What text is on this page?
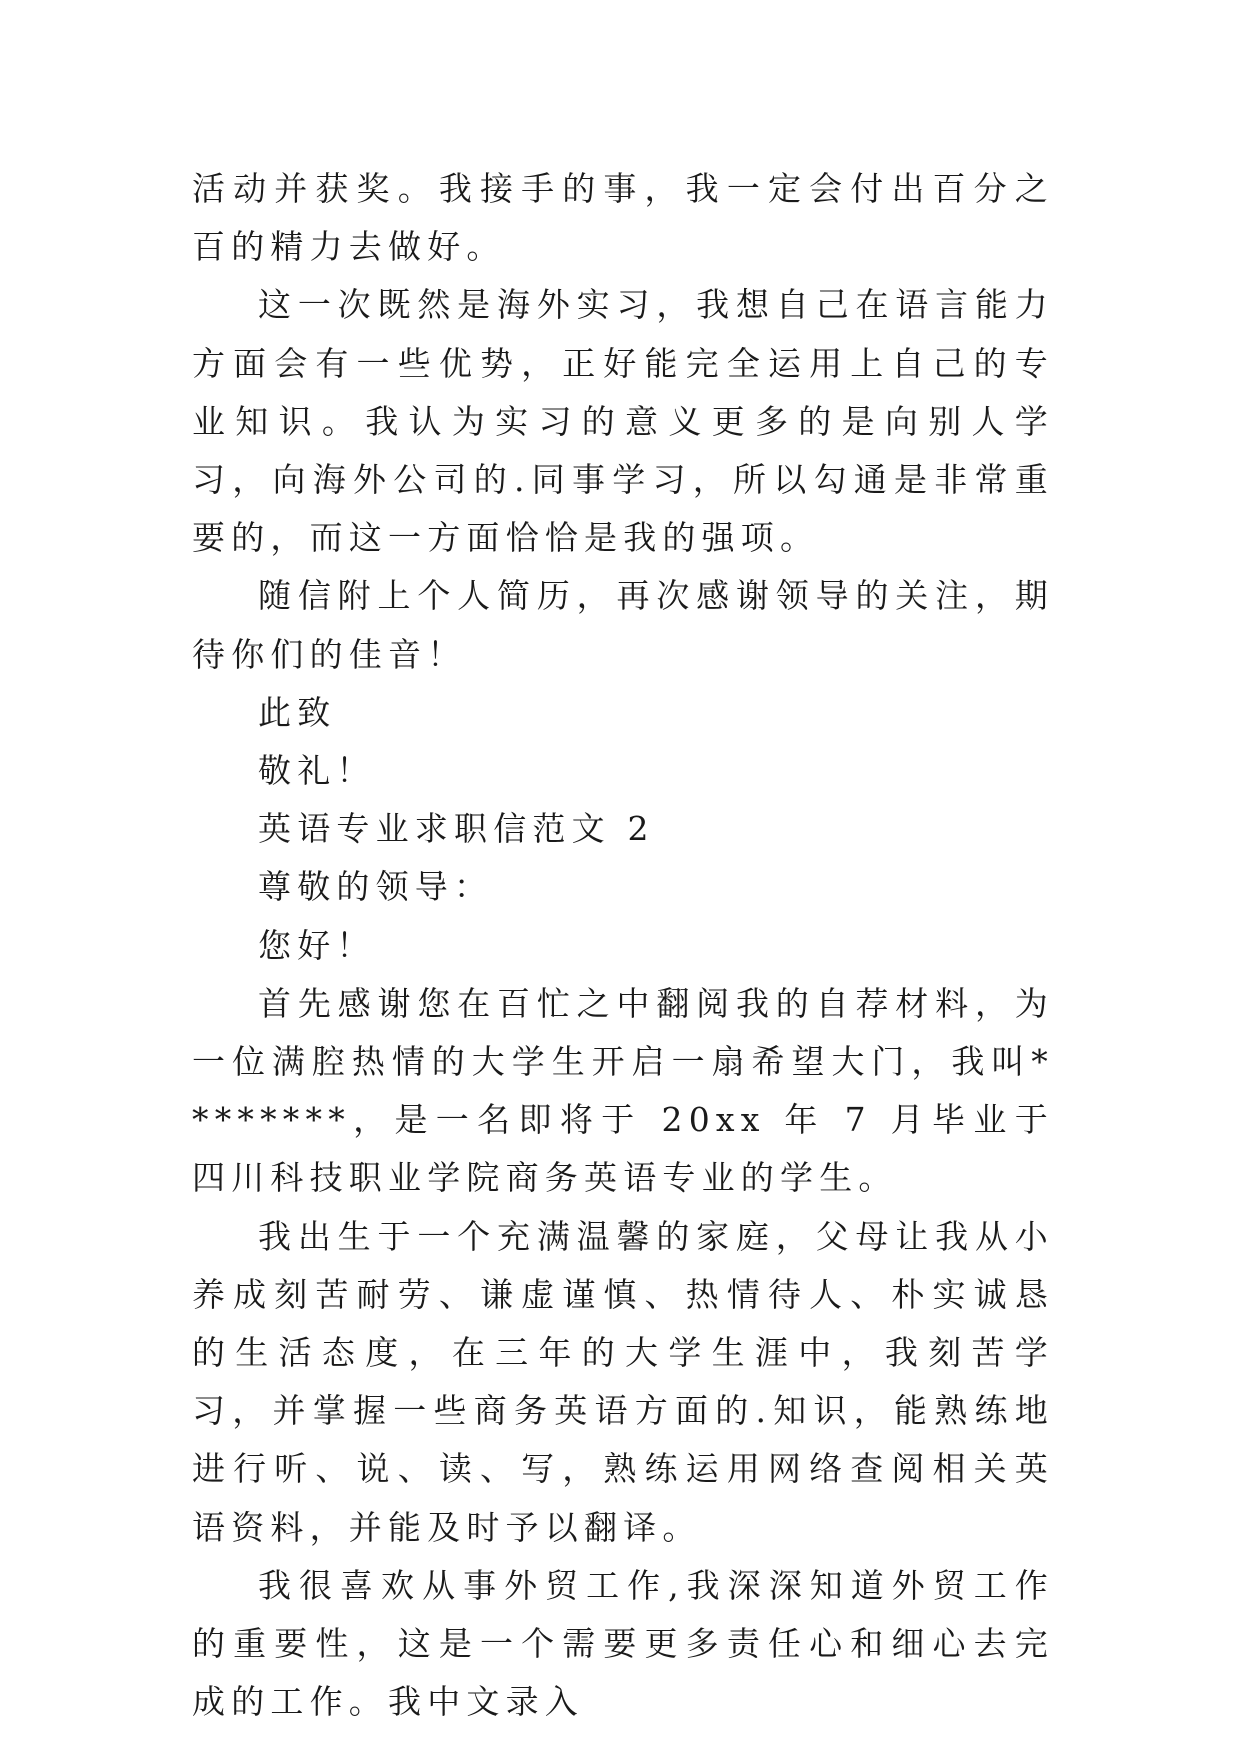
活动并获奖。我接手的事，我一定会付出百分之百的精力去做好。

这一次既然是海外实习，我想自己在语言能力方面会有一些优势，正好能完全运用上自己的专业知识。我认为实习的意义更多的是向别人学习，向海外公司的.同事学习，所以勾通是非常重要的，而这一方面恰恰是我的强项。

随信附上个人简历，再次感谢领导的关注，期待你们的佳音！

此致

敬礼！

英语专业求职信范文 2

尊敬的领导：

您好！

首先感谢您在百忙之中翻阅我的自荐材料，为一位满腔热情的大学生开启一扇希望大门，我叫********，是一名即将于 20xx 年 7 月毕业于四川科技职业学院商务英语专业的学生。

我出生于一个充满温馨的家庭，父母让我从小养成刻苦耐劳、谦虚谨慎、热情待人、朴实诚恳的生活态度，在三年的大学生涯中，我刻苦学习，并掌握一些商务英语方面的.知识，能熟练地进行听、说、读、写，熟练运用网络查阅相关英语资料，并能及时予以翻译。

我很喜欢从事外贸工作,我深深知道外贸工作的重要性，这是一个需要更多责任心和细心去完成的工作。我中文录入
